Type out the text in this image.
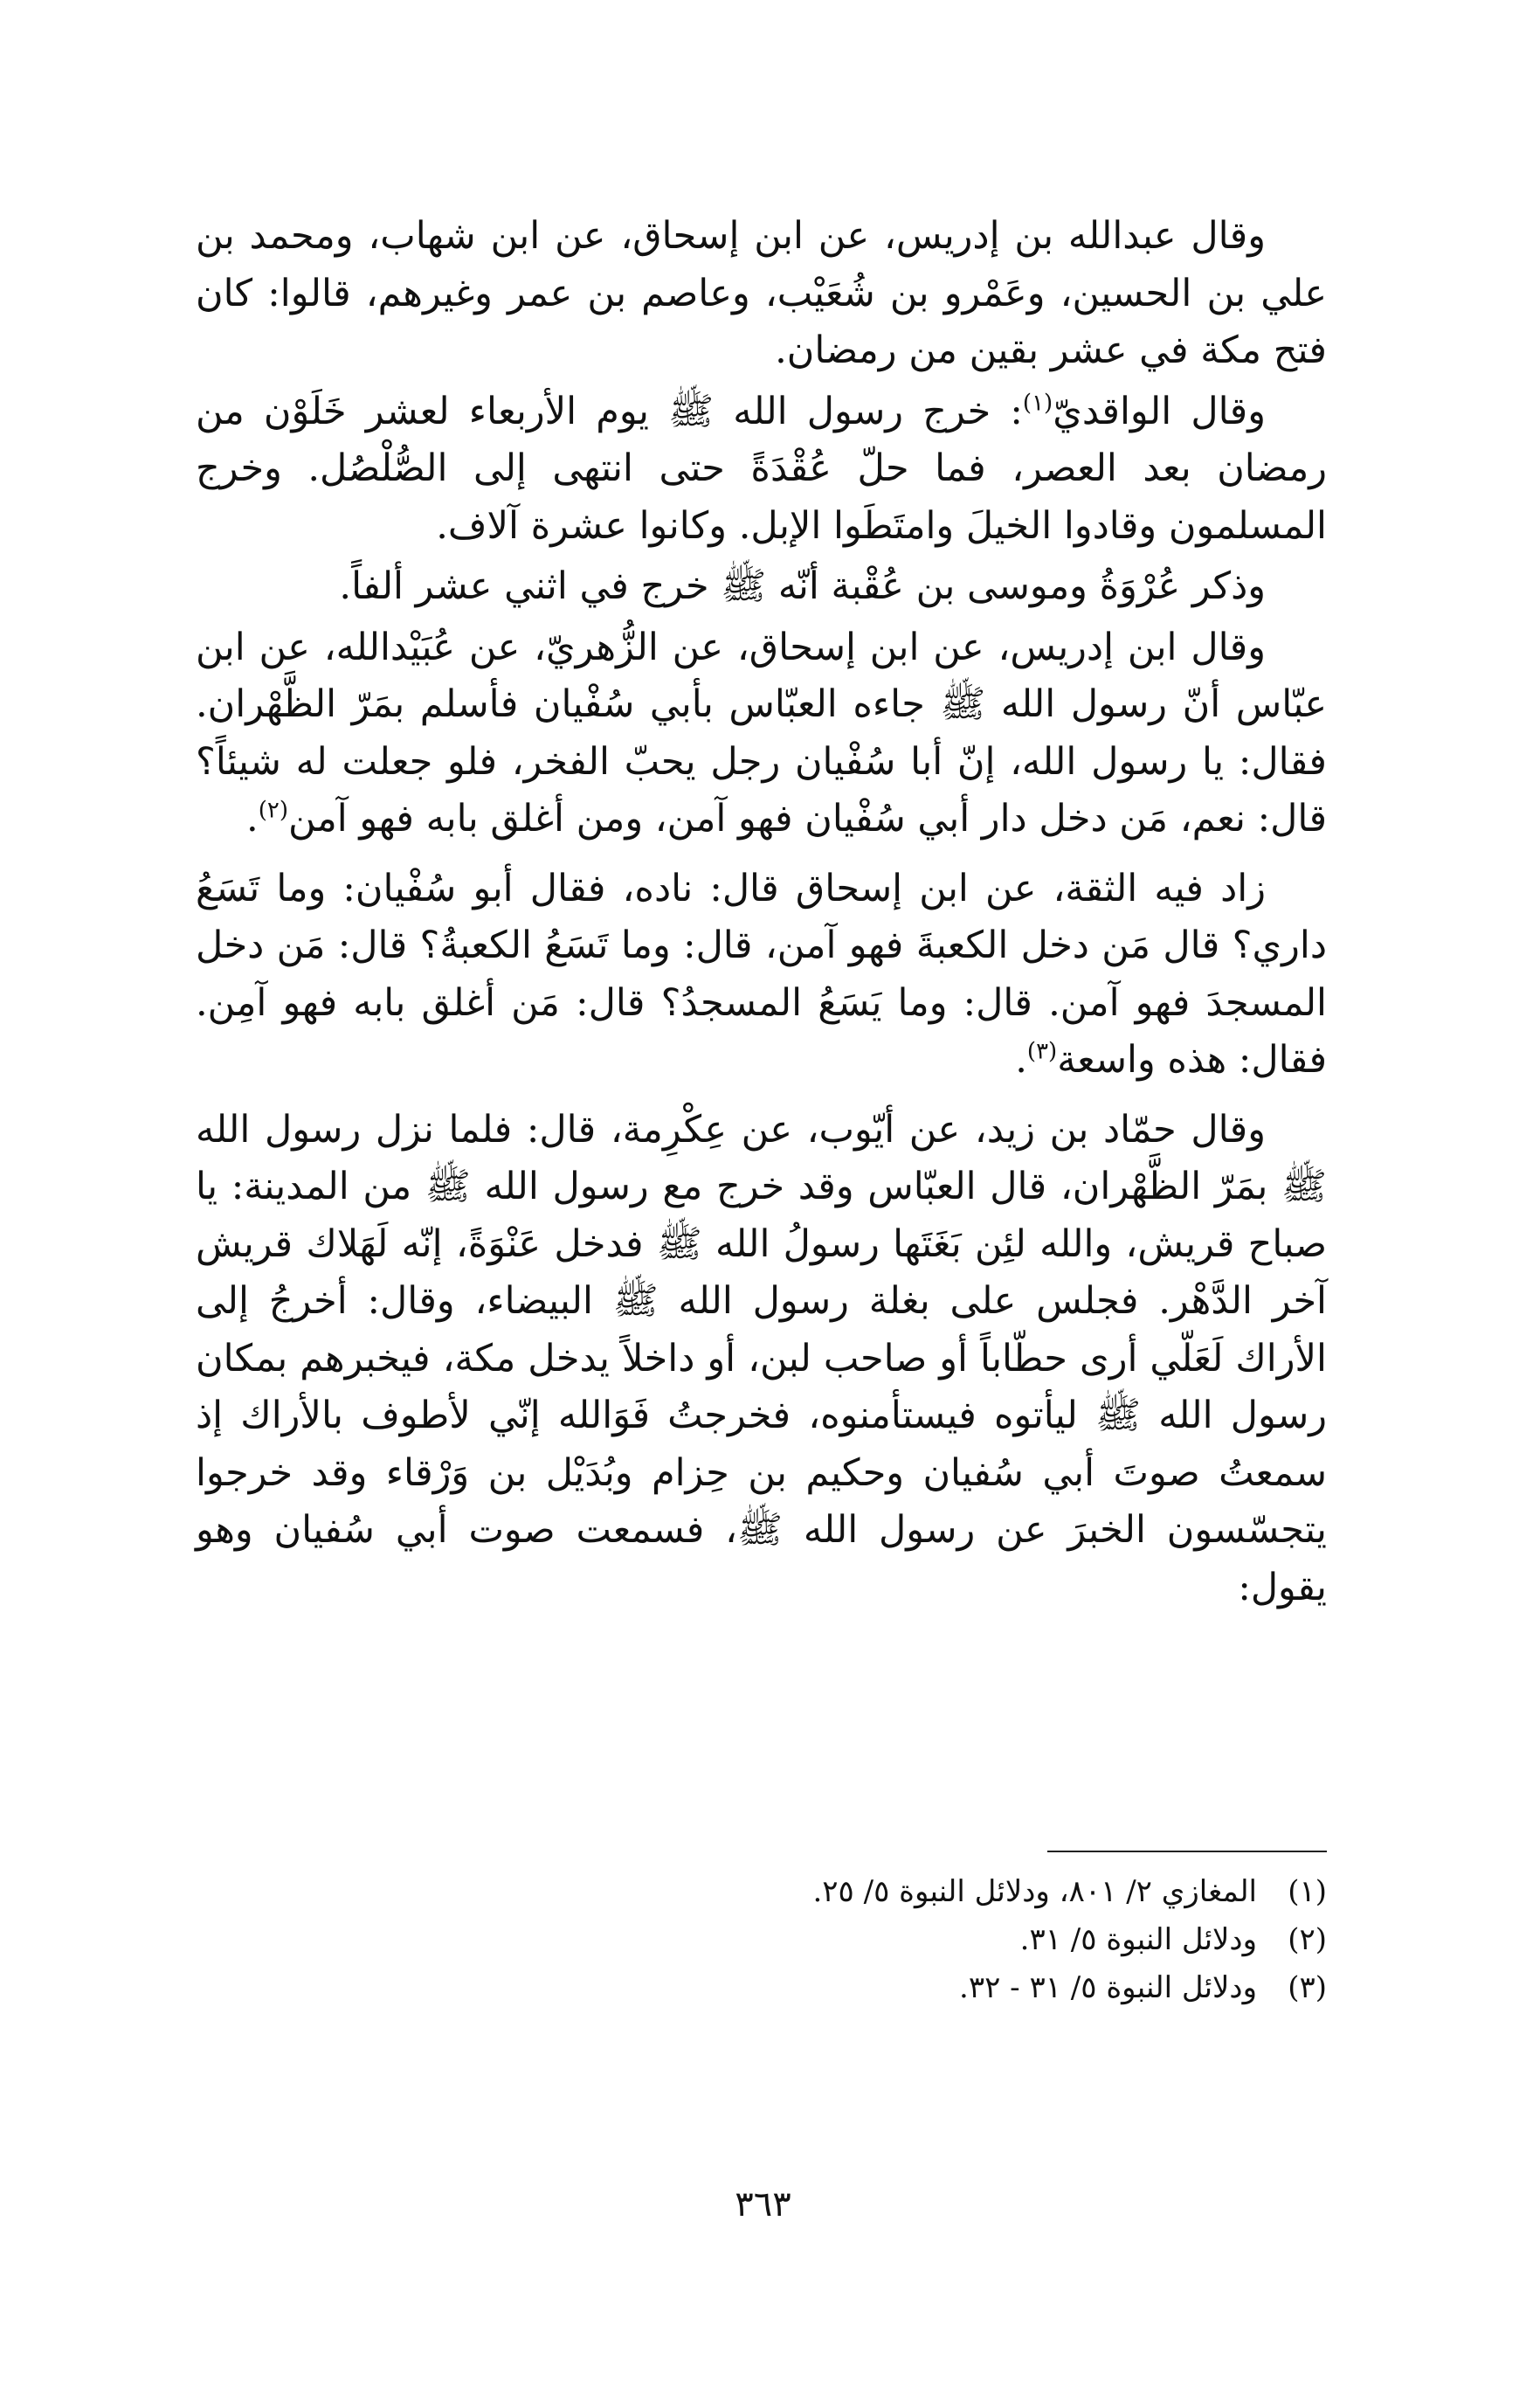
وقال عبدالله بن إدريس، عن ابن إسحاق، عن ابن شهاب، ومحمد بن علي بن الحسين، وعَمْرو بن شُعَيْب، وعاصم بن عمر وغيرهم، قالوا: كان فتح مكة في عشر بقين من رمضان.

وقال الواقديّ$^{(١)}$: خرج رسول الله ﷺ يوم الأربعاء لعشر خَلَوْن من رمضان بعد العصر، فما حلّ عُقْدَةً حتى انتهى إلى الصُّلْصُل. وخرج المسلمون وقادوا الخيلَ وامتَطَوا الإبل. وكانوا عشرة آلاف.

وذكر عُرْوَةُ وموسى بن عُقْبة أنّه ﷺ خرج في اثني عشر ألفاً.

وقال ابن إدريس، عن ابن إسحاق، عن الزُّهريّ، عن عُبَيْدالله، عن ابن عبّاس أنّ رسول الله ﷺ جاءه العبّاس بأبي سُفْيان فأسلم بمَرّ الظَّهْران. فقال: يا رسول الله، إنّ أبا سُفْيان رجل يحبّ الفخر، فلو جعلت له شيئاً؟ قال: نعم، مَن دخل دار أبي سُفْيان فهو آمن، ومن أغلق بابه فهو آمن$^{(٢)}$.

زاد فيه الثقة، عن ابن إسحاق قال: ناده، فقال أبو سُفْيان: وما تَسَعُ داري؟ قال مَن دخل الكعبةَ فهو آمن، قال: وما تَسَعُ الكعبةُ؟ قال: مَن دخل المسجدَ فهو آمن. قال: وما يَسَعُ المسجدُ؟ قال: مَن أغلق بابه فهو آمِن. فقال: هذه واسعة$^{(٣)}$.

وقال حمّاد بن زيد، عن أيّوب، عن عِكْرِمة، قال: فلما نزل رسول الله ﷺ بمَرّ الظَّهْران، قال العبّاس وقد خرج مع رسول الله ﷺ من المدينة: يا صباح قريش، والله لئِن بَغَتَها رسولُ الله ﷺ فدخل عَنْوَةً، إنّه لَهَلاك قريش آخر الدَّهْر. فجلس على بغلة رسول الله ﷺ البيضاء، وقال: أخرجُ إلى الأراك لَعَلّي أرى حطّاباً أو صاحب لبن، أو داخلاً يدخل مكة، فيخبرهم بمكان رسول الله ﷺ ليأتوه فيستأمنوه، فخرجتُ فَوَالله إنّي لأطوف بالأراك إذ سمعتُ صوتَ أبي سُفيان وحكيم بن حِزام وبُدَيْل بن وَرْقاء وقد خرجوا يتجسّسون الخبرَ عن رسول الله ﷺ، فسمعت صوت أبي سُفيان وهو يقول:

(١)
المغازي ٢/ ٨٠١، ودلائل النبوة ٥/ ٢٥.
(٢)
ودلائل النبوة ٥/ ٣١.
(٣)
ودلائل النبوة ٥/ ٣١ - ٣٢.
٣٦٣
